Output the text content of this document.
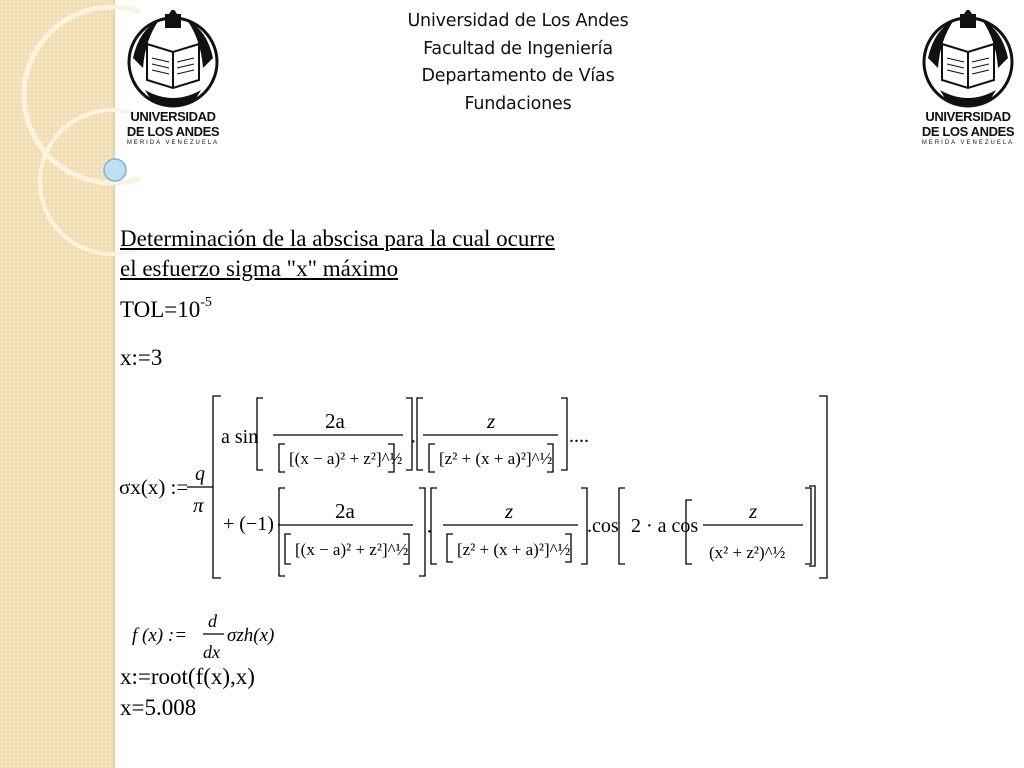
Universidad de Los Andes
Facultad de Ingeniería
Departamento de Vías
Fundaciones
UNIVERSIDAD
DE LOS ANDES
MERIDA VENEZUELA
UNIVERSIDAD
DE LOS ANDES
MERIDA VENEZUELA
Determinación de la abscisa para la cual ocurre
el esfuerzo sigma "x" máximo
$TOL=10^{-5}$
x:=3
σx(x) :=
q
π
a sin
2a
[(x − a)² + z²]^½
·
z
[z² + (x + a)²]^½
....
+ (−1)
2a
[(x − a)² + z²]^½
·
z
[z² + (x + a)²]^½
.cos 2 · a cos
z
(x² + z²)^½
f (x) :=
d
dx
σzh(x)
x:=root(f(x),x)
x=5.008
